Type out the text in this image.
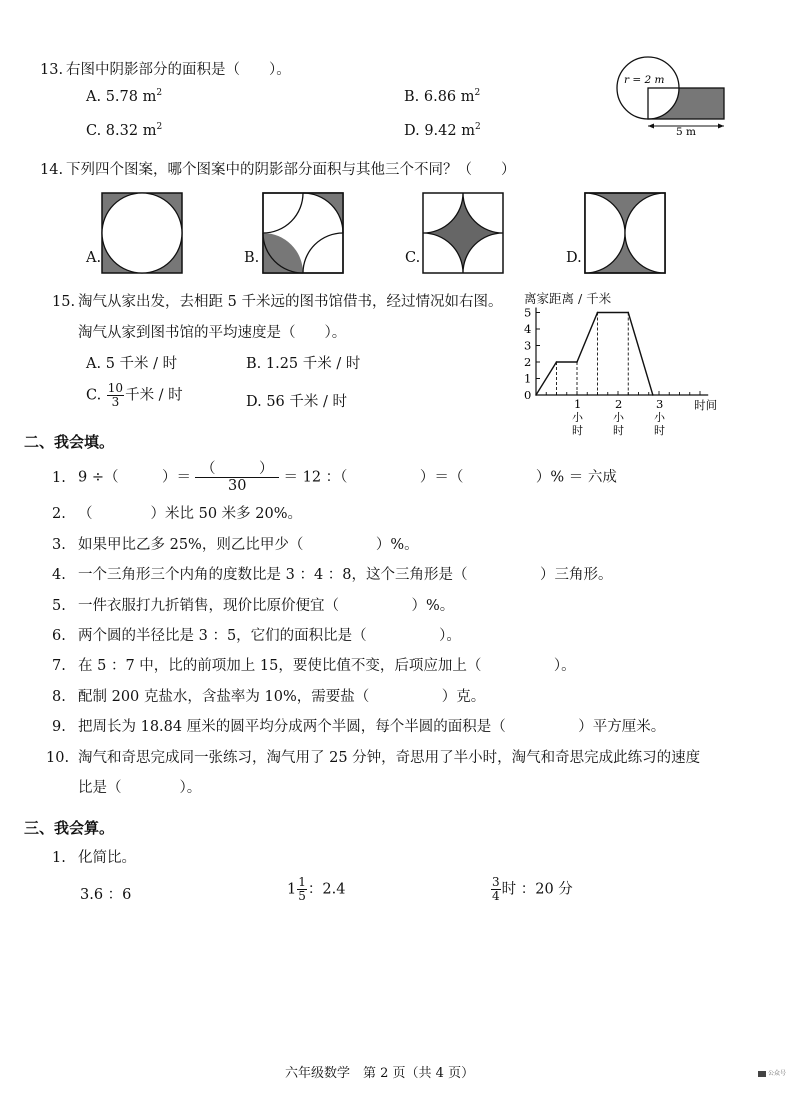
13. 右图中阴影部分的面积是（　　）。
A. 5.78 $m^2$	B. 6.86 $m^2$
C. 8.32 $m^2$	D. 9.42 $m^2$
r = 2 m
5 m
14. 下列四个图案，哪个图案中的阴影部分面积与其他三个不同？（　　）
A.	B.	C.	D.
15. 淘气从家出发，去相距 5 千米远的图书馆借书，经过情况如右图。
淘气从家到图书馆的平均速度是（　　）。
A. 5 千米 / 时	B. 1.25 千米 / 时
C. $\frac{10}{3}$ 千米 / 时	D. 56 千米 / 时
离家距离 / 千米
0
1
2
3
4
5
1
小
时
2
小
时
3
小
时
时间
二、我会填。
1. 9 ÷（　　　）＝
（　　　）
30
＝ 12 ：（　　　　　）＝（　　　　　）% ＝ 六成
2. （　　　　）米比 50 米多 20%。
3. 如果甲比乙多 25%，则乙比甲少（　　　　　）%。
4. 一个三角形三个内角的度数比是 3 ：4 ：8，这个三角形是（　　　　　）三角形。
5. 一件衣服打九折销售，现价比原价便宜（　　　　　）%。
6. 两个圆的半径比是 3 ：5，它们的面积比是（　　　　　）。
7. 在 5 ：7 中，比的前项加上 15，要使比值不变，后项应加上（　　　　　）。
8. 配制 200 克盐水，含盐率为 10%，需要盐（　　　　　）克。
9. 把周长为 18.84 厘米的圆平均分成两个半圆，每个半圆的面积是（　　　　　）平方厘米。
10. 淘气和奇思完成同一张练习，淘气用了 25 分钟，奇思用了半小时，淘气和奇思完成此练习的速度
比是（　　　　）。
三、我会算。
1. 化简比。
3.6 ：6	$1 \frac{1}{5}$ ：2.4	$\frac{3}{4}$ 时 ：20 分
六年级数学　第 2 页（共 4 页）	公众号
